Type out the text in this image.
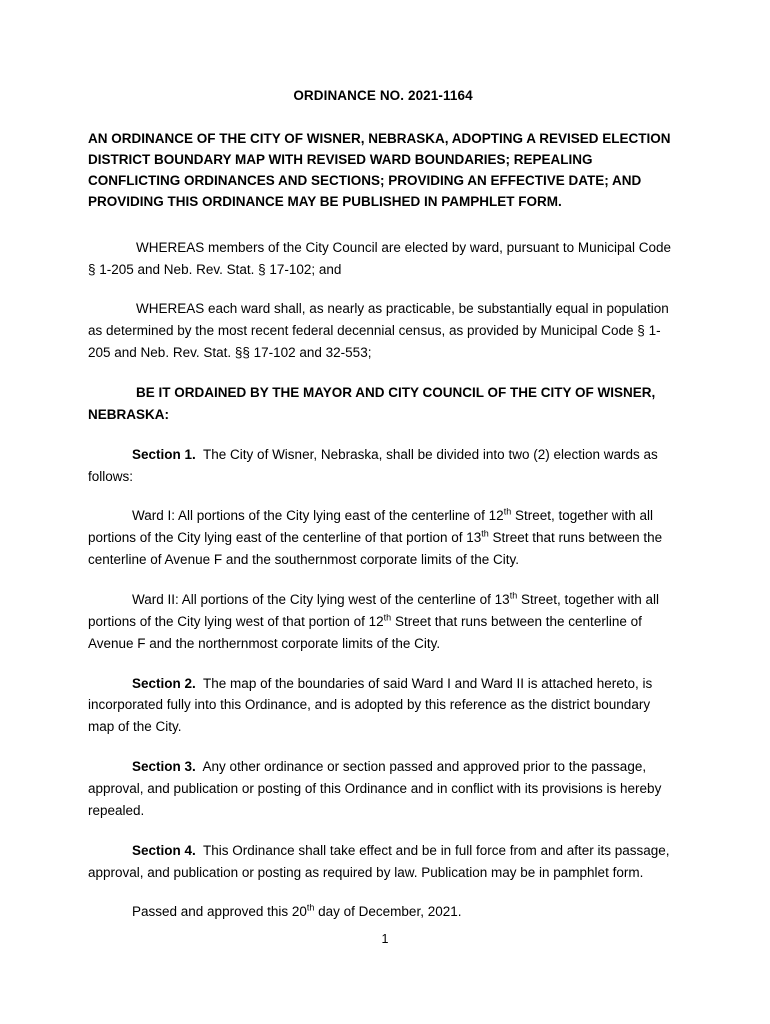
ORDINANCE NO. 2021-1164
AN ORDINANCE OF THE CITY OF WISNER, NEBRASKA, ADOPTING A REVISED ELECTION DISTRICT BOUNDARY MAP WITH REVISED WARD BOUNDARIES; REPEALING CONFLICTING ORDINANCES AND SECTIONS; PROVIDING AN EFFECTIVE DATE; AND PROVIDING THIS ORDINANCE MAY BE PUBLISHED IN PAMPHLET FORM.

WHEREAS members of the City Council are elected by ward, pursuant to Municipal Code § 1-205 and Neb. Rev. Stat. § 17-102; and

WHEREAS each ward shall, as nearly as practicable, be substantially equal in population as determined by the most recent federal decennial census, as provided by Municipal Code § 1-205 and Neb. Rev. Stat. §§ 17-102 and 32-553;

BE IT ORDAINED BY THE MAYOR AND CITY COUNCIL OF THE CITY OF WISNER, NEBRASKA:

Section 1. The City of Wisner, Nebraska, shall be divided into two (2) election wards as follows:

Ward I: All portions of the City lying east of the centerline of 12th Street, together with all portions of the City lying east of the centerline of that portion of 13th Street that runs between the centerline of Avenue F and the southernmost corporate limits of the City.

Ward II: All portions of the City lying west of the centerline of 13th Street, together with all portions of the City lying west of that portion of 12th Street that runs between the centerline of Avenue F and the northernmost corporate limits of the City.

Section 2. The map of the boundaries of said Ward I and Ward II is attached hereto, is incorporated fully into this Ordinance, and is adopted by this reference as the district boundary map of the City.

Section 3. Any other ordinance or section passed and approved prior to the passage, approval, and publication or posting of this Ordinance and in conflict with its provisions is hereby repealed.

Section 4. This Ordinance shall take effect and be in full force from and after its passage, approval, and publication or posting as required by law. Publication may be in pamphlet form.

Passed and approved this 20th day of December, 2021.

1
